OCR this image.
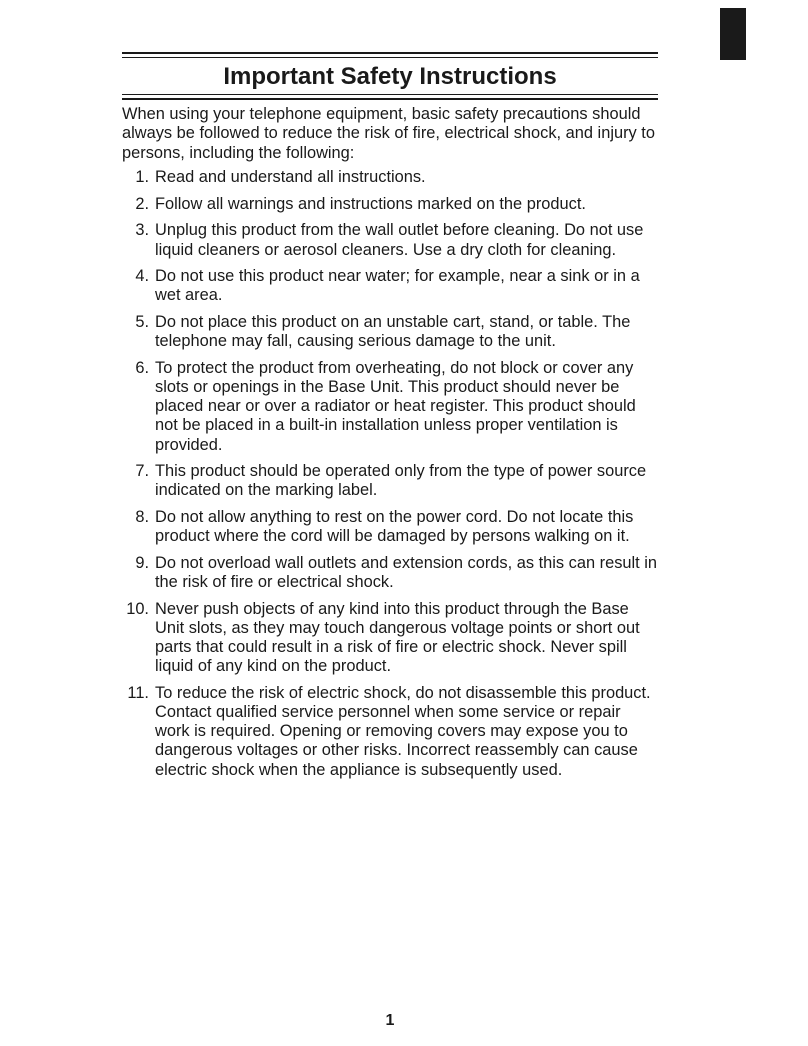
Important Safety Instructions

When using your telephone equipment, basic safety precautions should always be followed to reduce the risk of fire, electrical shock, and injury to persons, including the following:

1. Read and understand all instructions.
2. Follow all warnings and instructions marked on the product.
3. Unplug this product from the wall outlet before cleaning. Do not use liquid cleaners or aerosol cleaners. Use a dry cloth for cleaning.
4. Do not use this product near water; for example, near a sink or in a wet area.
5. Do not place this product on an unstable cart, stand, or table. The telephone may fall, causing serious damage to the unit.
6. To protect the product from overheating, do not block or cover any slots or openings in the Base Unit. This product should never be placed near or over a radiator or heat register. This product should not be placed in a built-in installation unless proper ventilation is provided.
7. This product should be operated only from the type of power source indicated on the marking label.
8. Do not allow anything to rest on the power cord. Do not locate this product where the cord will be damaged by persons walking on it.
9. Do not overload wall outlets and extension cords, as this can result in the risk of fire or electrical shock.
10. Never push objects of any kind into this product through the Base Unit slots, as they may touch dangerous voltage points or short out parts that could result in a risk of fire or electric shock. Never spill liquid of any kind on the product.
11. To reduce the risk of electric shock, do not disassemble this product. Contact qualified service personnel when some service or repair work is required. Opening or removing covers may expose you to dangerous voltages or other risks. Incorrect reassembly can cause electric shock when the appliance is subsequently used.
1
